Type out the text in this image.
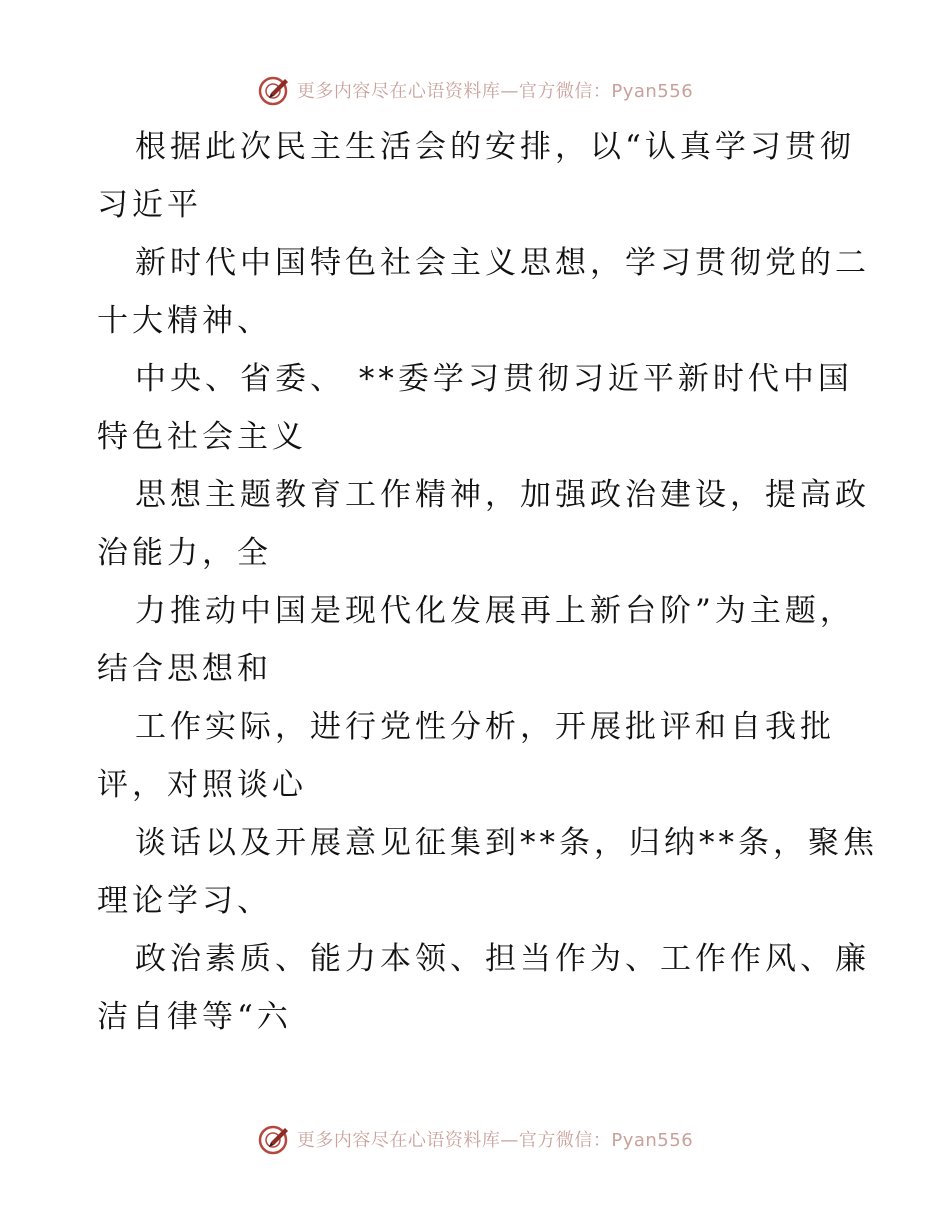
更多内容尽在心语资料库—官方微信：Pyan556

根据此次民主生活会的安排，以“认真学习贯彻
习近平

新时代中国特色社会主义思想，学习贯彻党的二
十大精神、

中央、省委、 **委学习贯彻习近平新时代中国
特色社会主义

思想主题教育工作精神，加强政治建设，提高政
治能力，全

力推动中国是现代化发展再上新台阶”为主题，
结合思想和

工作实际，进行党性分析，开展批评和自我批
评，对照谈心

谈话以及开展意见征集到**条，归纳**条，聚焦
理论学习、

政治素质、能力本领、担当作为、工作作风、廉
洁自律等“六

更多内容尽在心语资料库—官方微信：Pyan556
